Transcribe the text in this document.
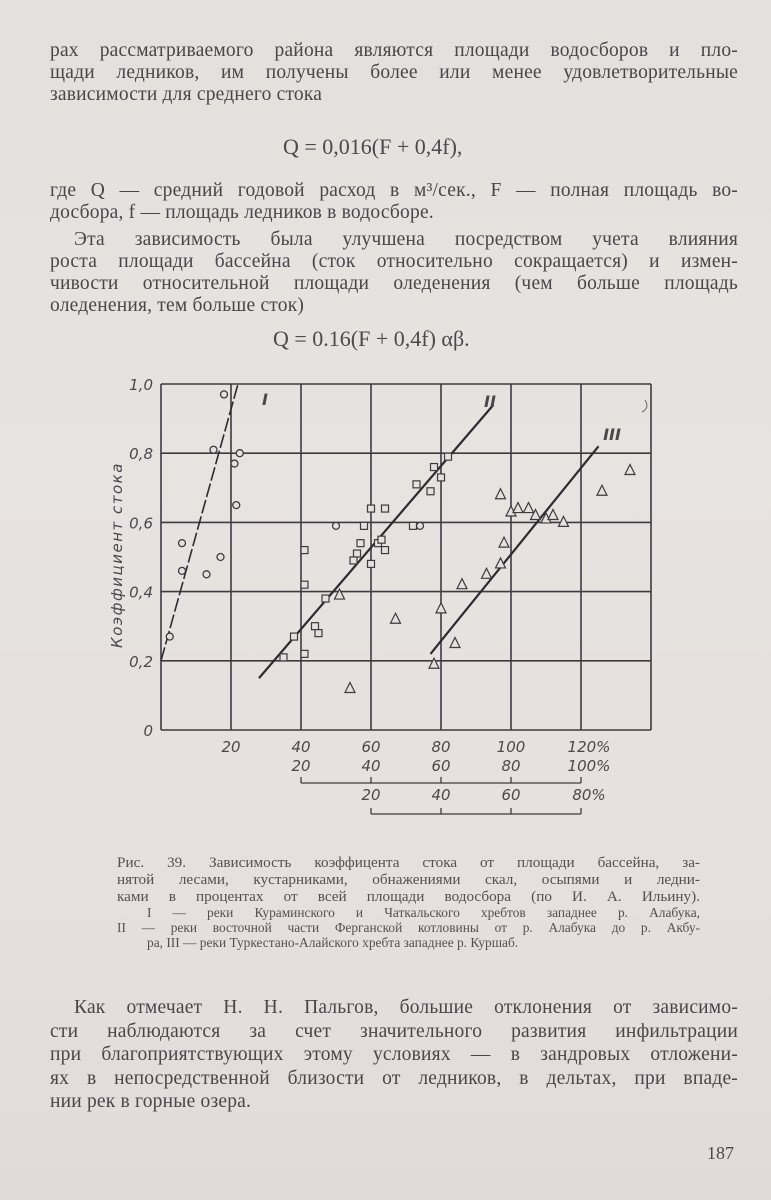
рах рассматриваемого района являются площади водосборов и пло-
щади ледников, им получены более или менее удовлетворительные
зависимости для среднего стока
Q = 0,016(F + 0,4f),
где Q — средний годовой расход в м³/сек., F — полная площадь во-
досбора, f — площадь ледников в водосборе.
Эта зависимость была улучшена посредством учета влияния
роста площади бассейна (сток относительно сокращается) и измен-
чивости относительной площади оледенения (чем больше площадь
оледенения, тем больше сток)
Q = 0.16(F + 0,4f) αβ.
0
0,2
0,4
0,6
0,8
1,0
Коэффициент стока
20	40	60	80	100	120%
20	40	60	80	100%
20	40	60	80%
I	II
III
Рис. 39. Зависимость коэффицента стока от площади бассейна, за-
нятой лесами, кустарниками, обнажениями скал, осыпями и ледни-
ками в процентах от всей площади водосбора (по И. А. Ильину).
I — реки Кураминского и Чаткальского хребтов западнее р. Алабука,
II — реки восточной части Ферганской котловины от р. Алабука до р. Акбу-
ра, III — реки Туркестано-Алайского хребта западнее р. Куршаб.
Как отмечает Н. Н. Пальгов, большие отклонения от зависимо-
сти наблюдаются за счет значительного развития инфильтрации
при благоприятствующих этому условиях — в зандровых отложени-
ях в непосредственной близости от ледников, в дельтах, при впаде-
нии рек в горные озера.
187
